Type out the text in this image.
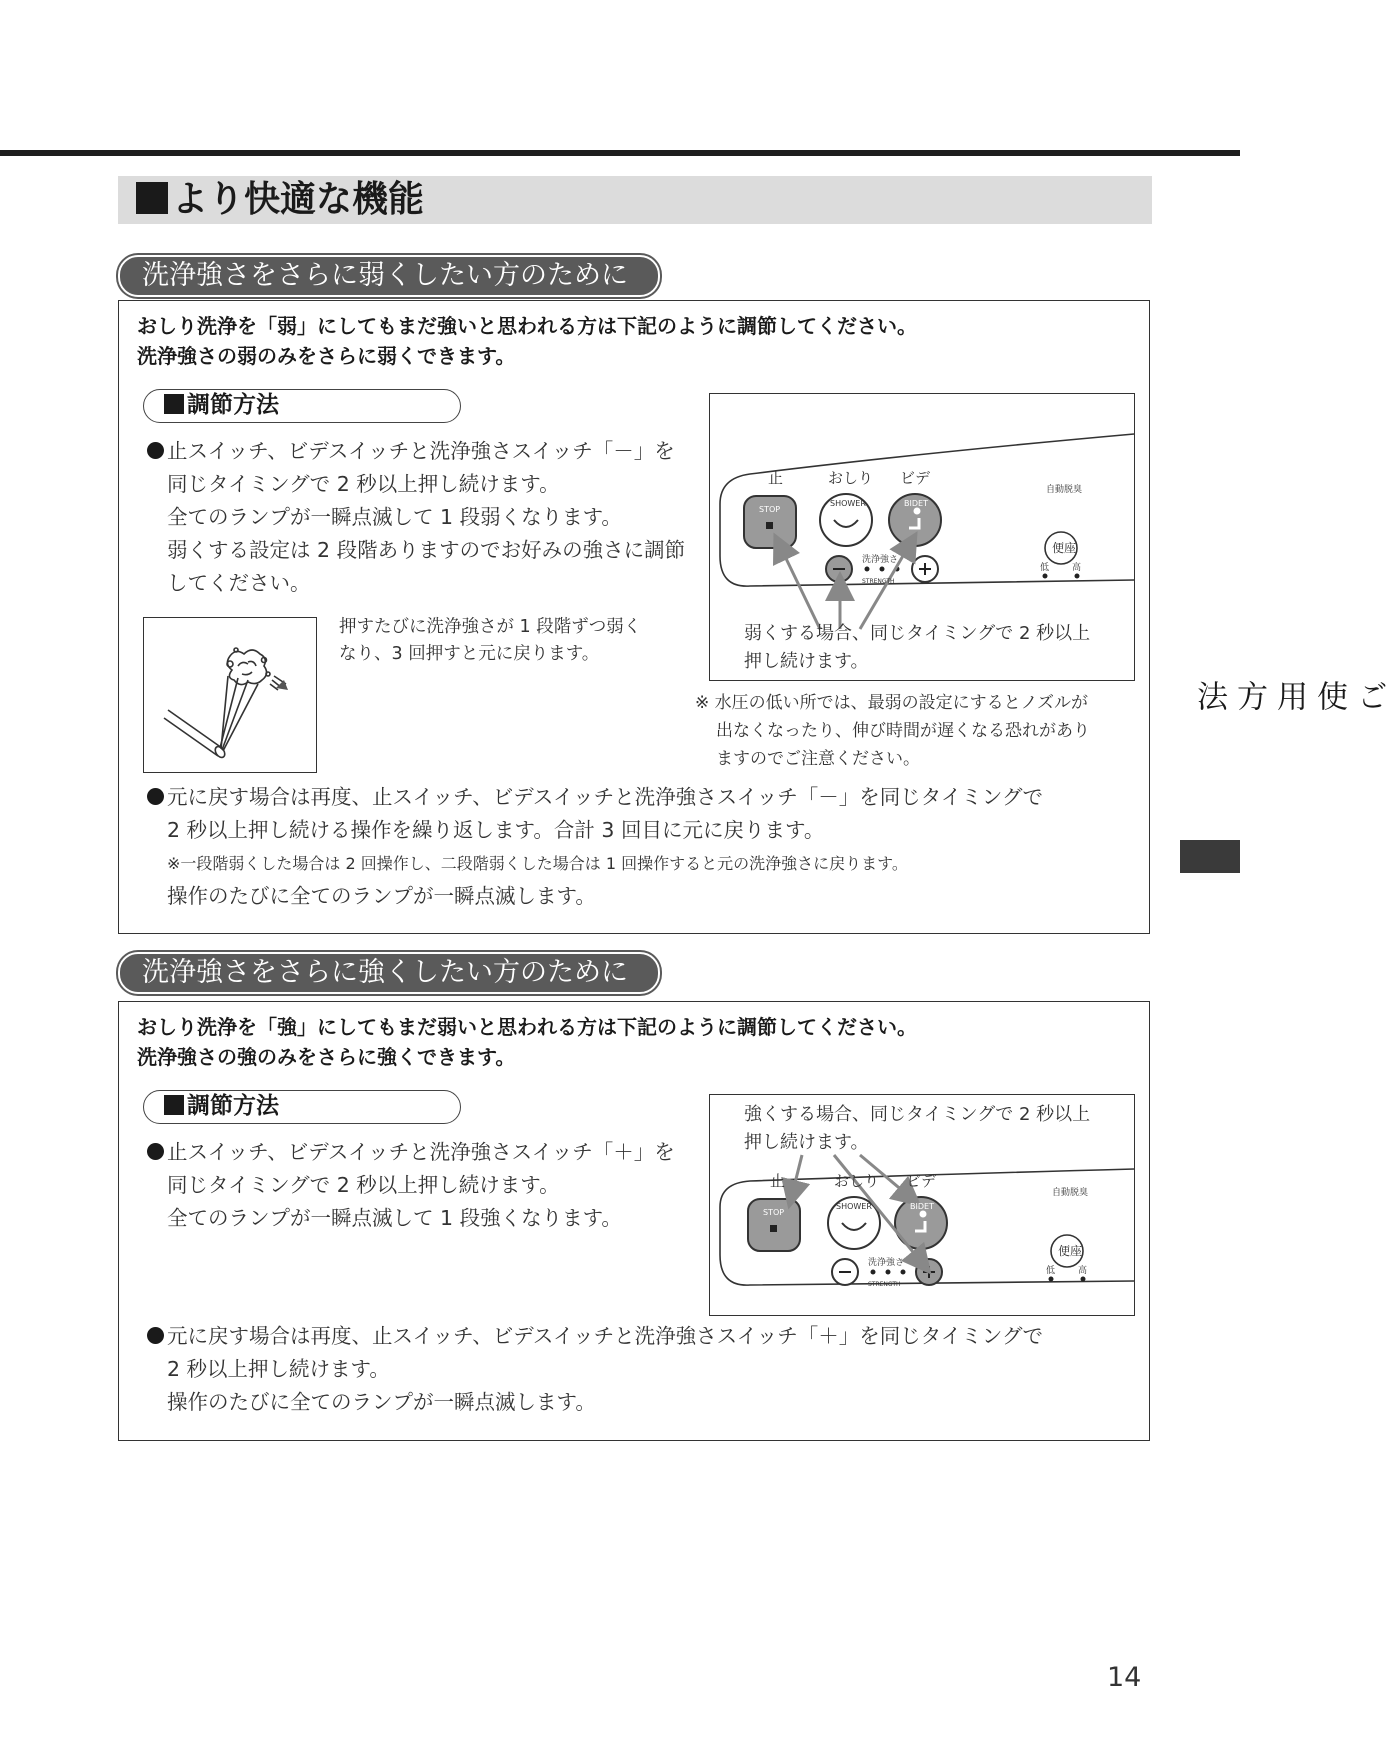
より快適な機能
洗浄強さをさらに弱くしたい方のために
おしり洗浄を「弱」にしてもまだ強いと思われる方は下記のように調節してください。
洗浄強さの弱のみをさらに弱くできます。
調節方法
止スイッチ、ビデスイッチと洗浄強さスイッチ「－」を
同じタイミングで 2 秒以上押し続けます。
全てのランプが一瞬点滅して 1 段弱くなります。
弱くする設定は 2 段階ありますのでお好みの強さに調節
してください。
押すたびに洗浄強さが 1 段階ずつ弱く
なり、3 回押すと元に戻ります。
止
STOP
おしり
SHOWER
ビデ
BIDET
自動脱臭
洗浄強さ
STRENGTH
便座
低	高
弱くする場合、同じタイミングで 2 秒以上
押し続けます。
※ 水圧の低い所では、最弱の設定にするとノズルが
出なくなったり、伸び時間が遅くなる恐れがあり
ますのでご注意ください。
元に戻す場合は再度、止スイッチ、ビデスイッチと洗浄強さスイッチ「－」を同じタイミングで
2 秒以上押し続ける操作を繰り返します。合計 3 回目に元に戻ります。
※一段階弱くした場合は 2 回操作し、二段階弱くした場合は 1 回操作すると元の洗浄強さに戻ります。
操作のたびに全てのランプが一瞬点滅します。
洗浄強さをさらに強くしたい方のために
おしり洗浄を「強」にしてもまだ弱いと思われる方は下記のように調節してください。
洗浄強さの強のみをさらに強くできます。
調節方法
止スイッチ、ビデスイッチと洗浄強さスイッチ「＋」を
同じタイミングで 2 秒以上押し続けます。
全てのランプが一瞬点滅して 1 段強くなります。
強くする場合、同じタイミングで 2 秒以上
押し続けます。
止
STOP
おしり
SHOWER
ビデ
BIDET
自動脱臭
洗浄強さ
STRENGTH
便座
低	高
元に戻す場合は再度、止スイッチ、ビデスイッチと洗浄強さスイッチ「＋」を同じタイミングで
2 秒以上押し続けます。
操作のたびに全てのランプが一瞬点滅します。
ご使用方法
14
